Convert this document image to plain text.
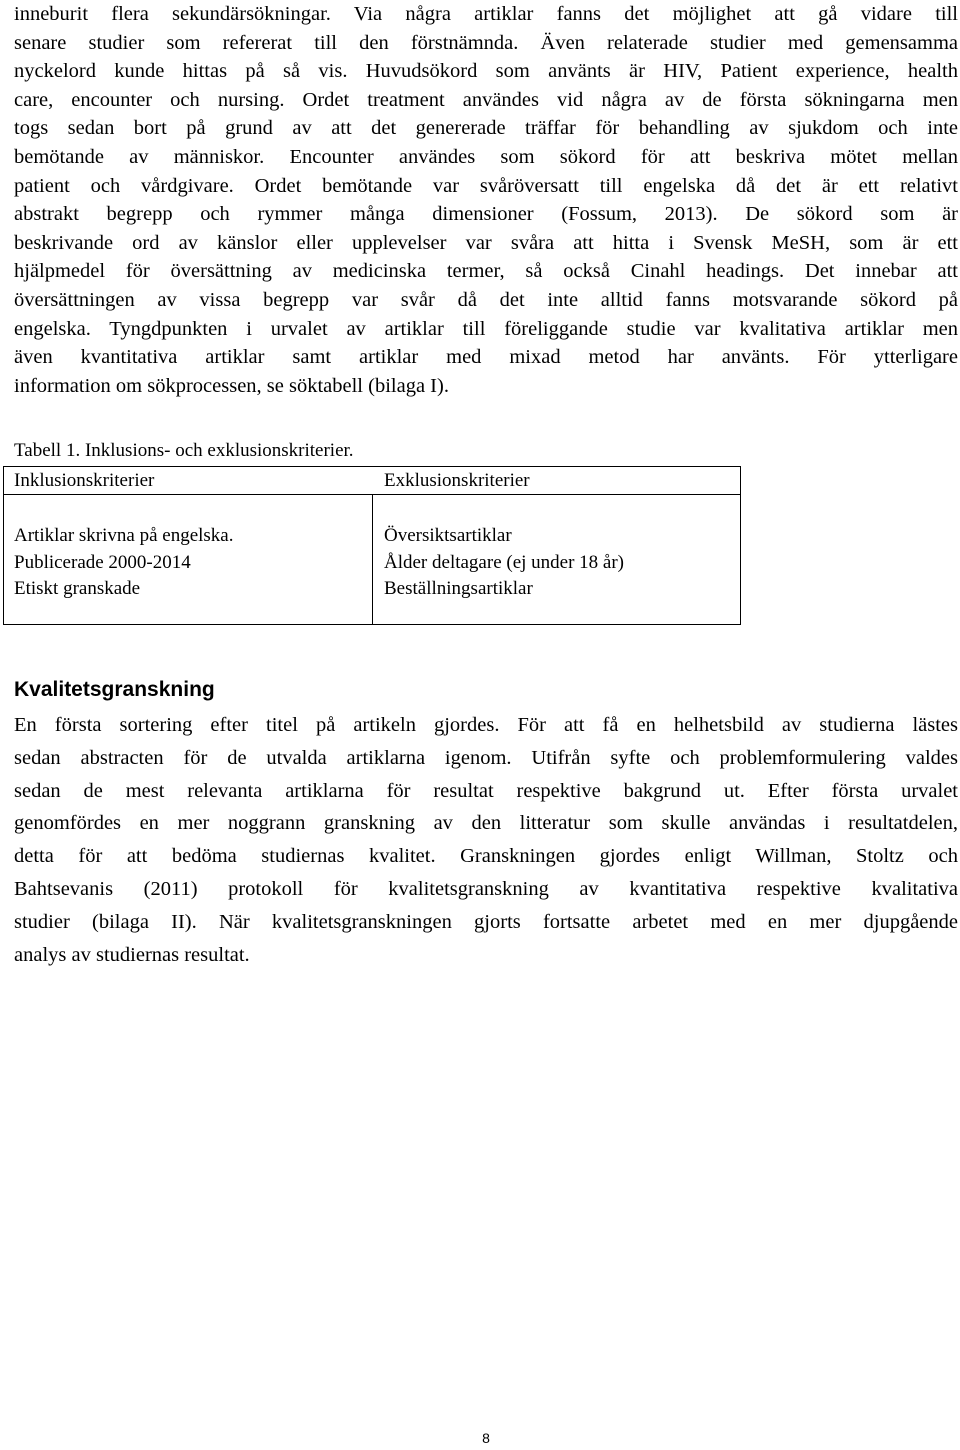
inneburit flera sekundärsökningar. Via några artiklar fanns det möjlighet att gå vidare till
senare studier som refererat till den förstnämnda. Även relaterade studier med gemensamma
nyckelord kunde hittas på så vis. Huvudsökord som använts är HIV, Patient experience, health
care, encounter och nursing. Ordet treatment användes vid några av de första sökningarna men
togs sedan bort på grund av att det genererade träffar för behandling av sjukdom och inte
bemötande av människor. Encounter användes som sökord för att beskriva mötet mellan
patient och vårdgivare. Ordet bemötande var svåröversatt till engelska då det är ett relativt
abstrakt begrepp och rymmer många dimensioner (Fossum, 2013). De sökord som är
beskrivande ord av känslor eller upplevelser var svåra att hitta i Svensk MeSH, som är ett
hjälpmedel för översättning av medicinska termer, så också Cinahl headings. Det innebar att
översättningen av vissa begrepp var svår då det inte alltid fanns motsvarande sökord på
engelska. Tyngdpunkten i urvalet av artiklar till föreliggande studie var kvalitativa artiklar men
även kvantitativa artiklar samt artiklar med mixad metod har använts. För ytterligare
information om sökprocessen, se söktabell (bilaga I).

Tabell 1. Inklusions- och exklusionskriterier.

Inklusionskriterier	Exklusionskriterier
Artiklar skrivna på engelska.
Publicerade 2000-2014
Etiskt granskade
Översiktsartiklar
Ålder deltagare (ej under 18 år)
Beställningsartiklar
Kvalitetsgranskning

En första sortering efter titel på artikeln gjordes. För att få en helhetsbild av studierna lästes
sedan abstracten för de utvalda artiklarna igenom. Utifrån syfte och problemformulering valdes
sedan de mest relevanta artiklarna för resultat respektive bakgrund ut. Efter första urvalet
genomfördes en mer noggrann granskning av den litteratur som skulle användas i resultatdelen,
detta för att bedöma studiernas kvalitet. Granskningen gjordes enligt Willman, Stoltz och
Bahtsevanis (2011) protokoll för kvalitetsgranskning av kvantitativa respektive kvalitativa
studier (bilaga II). När kvalitetsgranskningen gjorts fortsatte arbetet med en mer djupgående
analys av studiernas resultat.

8
